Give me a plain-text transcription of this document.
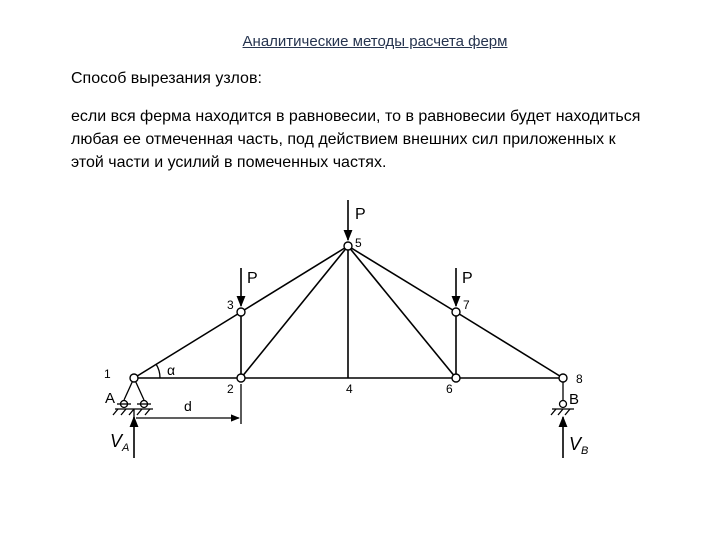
Аналитические методы расчета ферм
Способ вырезания узлов:
если вся ферма находится в равновесии, то в равновесии будет находиться
любая ее отмеченная часть, под действием внешних сил приложенных к
этой части и усилий в помеченных частях.
P
P	P
5
3	7
1
2	4	6
8
A	B
α
d
$V_A$	$V_B$
